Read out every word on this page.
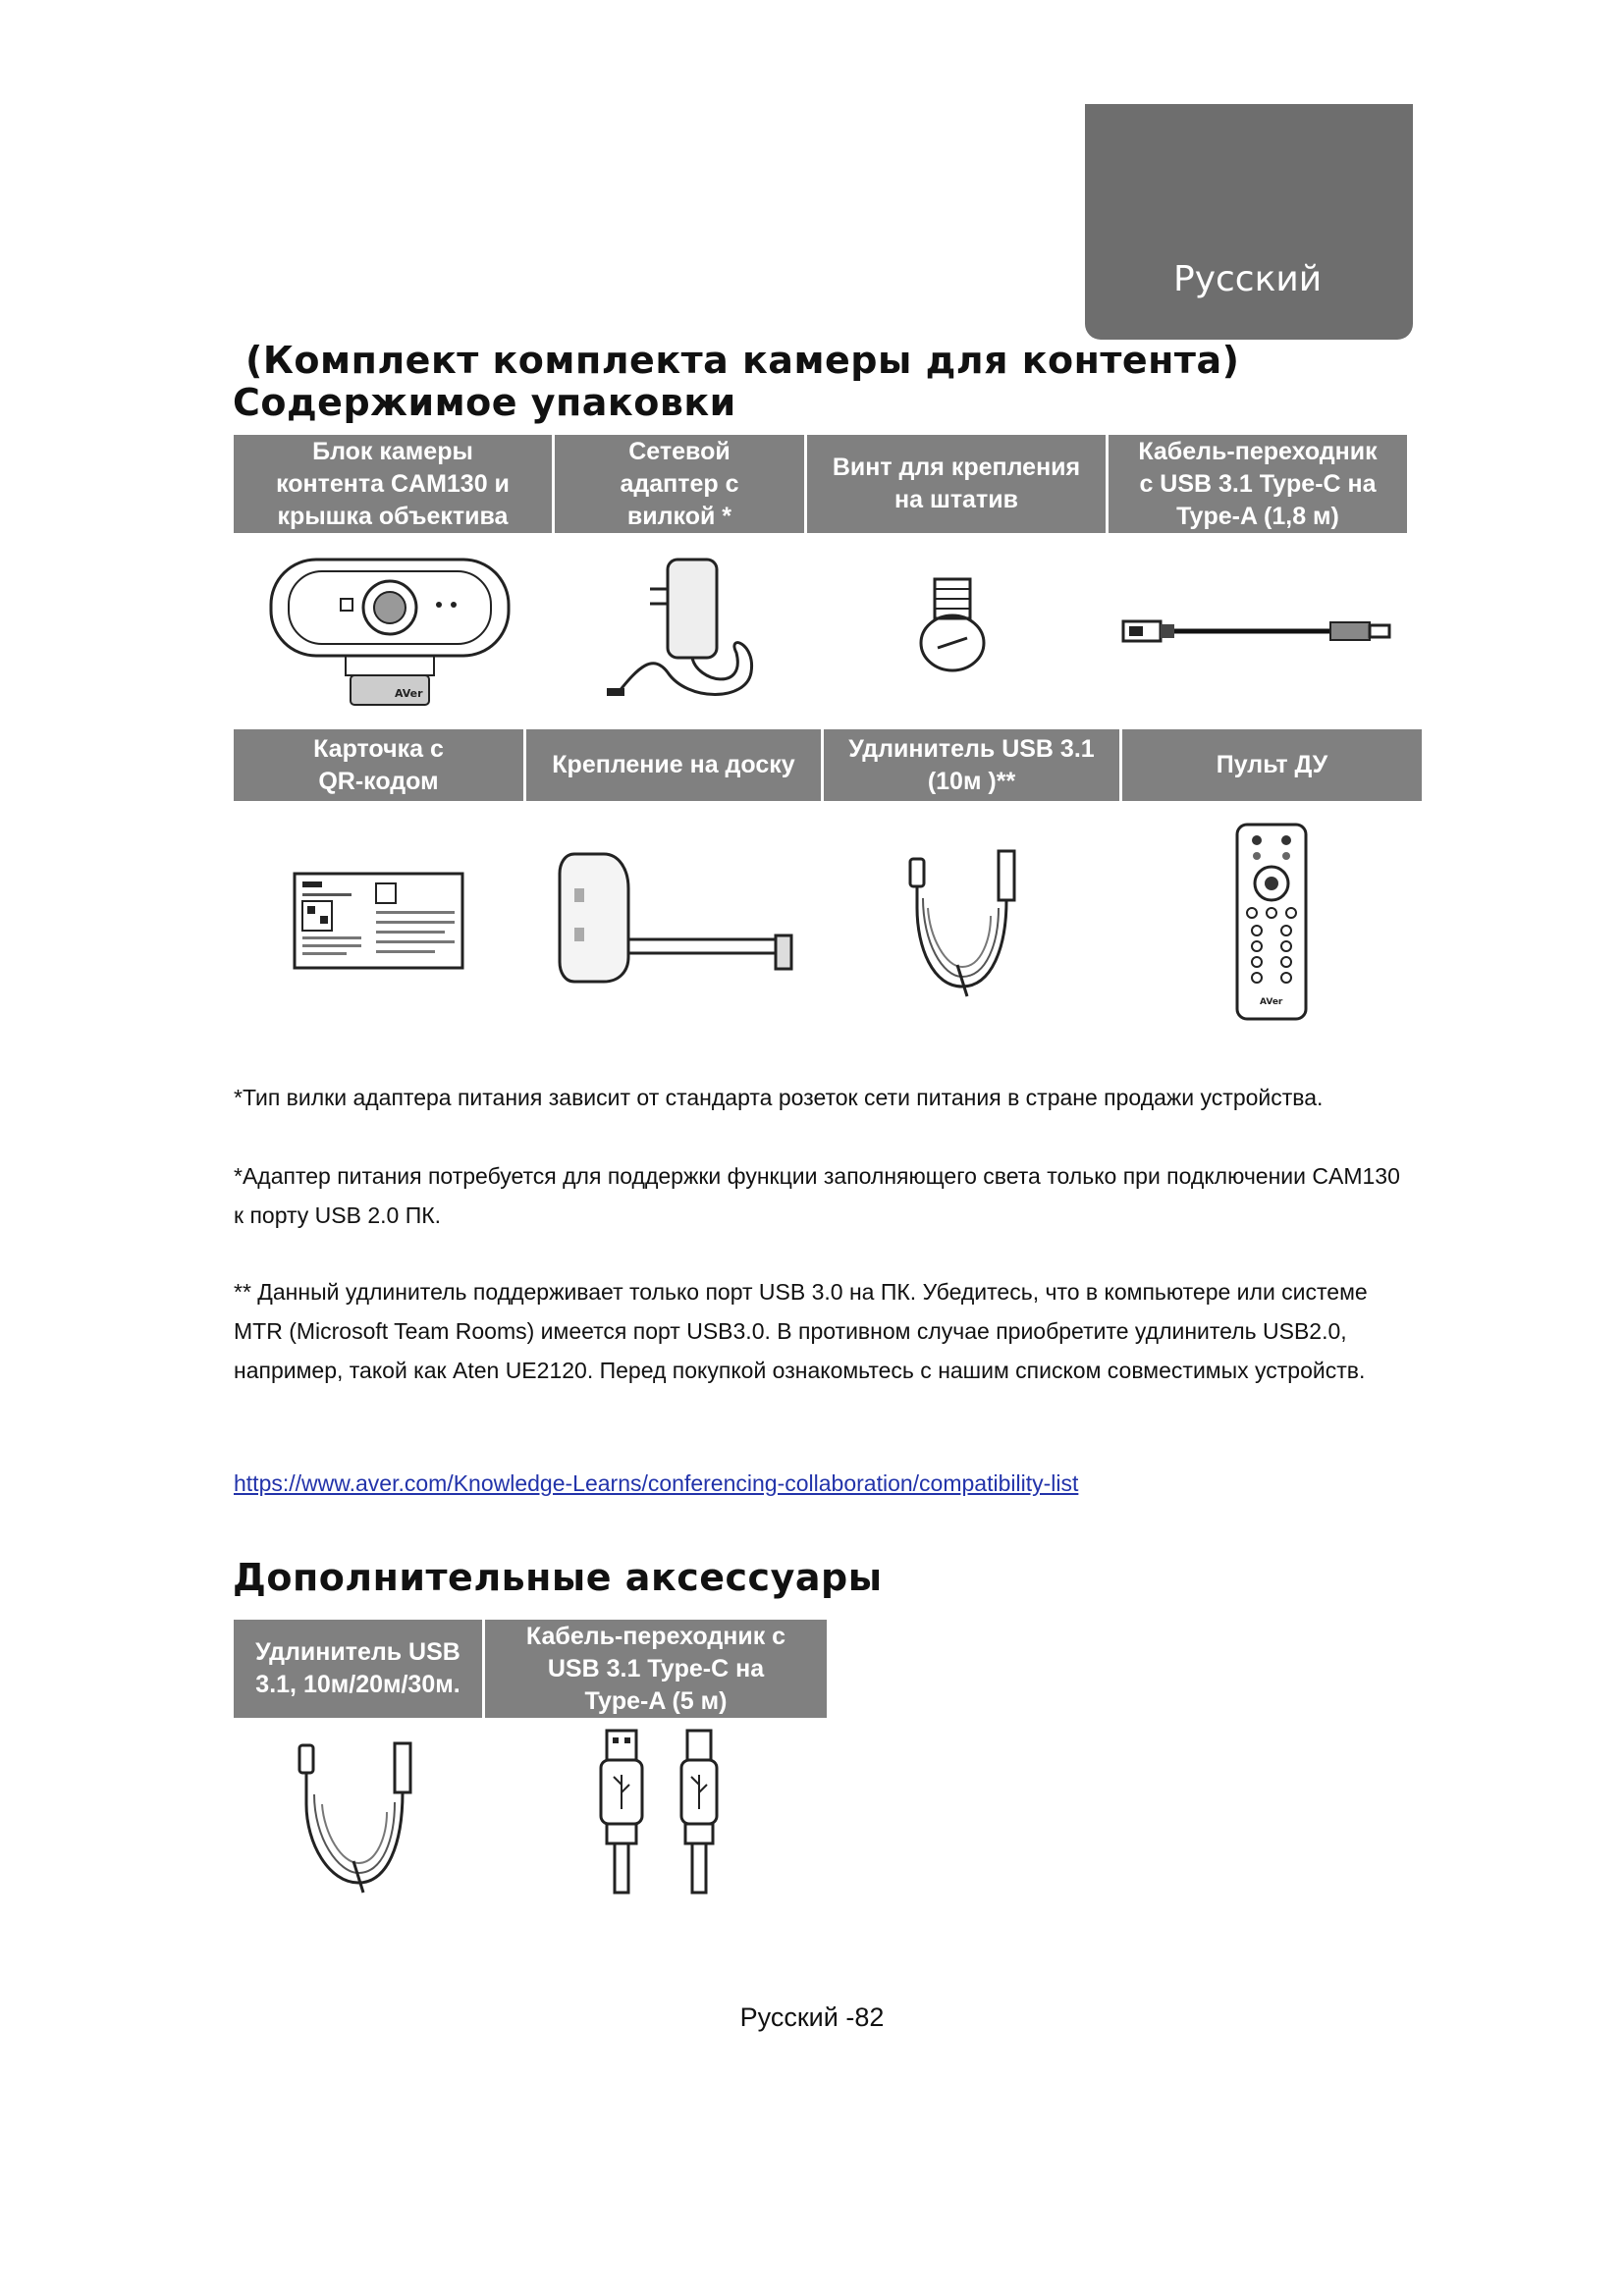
Русский
(Комплект комплекта камеры для контента)
Содержимое упаковки
Блок камеры
контента CAM130 и
крышка объектива
Сетевой
адаптер с
вилкой *
Винт для крепления
на штатив
Кабель-переходник
с USB 3.1 Type-C на
Type-A (1,8 м)
AVer
Карточка с
QR-кодом
Крепление на доску
Удлинитель USB 3.1
(10м )**
Пульт ДУ
AVer

*Тип вилки адаптера питания зависит от стандарта розеток сети питания в стране продажи устройства.

*Адаптер питания потребуется для поддержки функции заполняющего света только при подключении CAM130 к порту USB 2.0 ПК.

** Данный удлинитель поддерживает только порт USB 3.0 на ПК. Убедитесь, что в компьютере или системе MTR (Microsoft Team Rooms) имеется порт USB3.0. В противном случае приобретите удлинитель USB2.0, например, такой как Aten UE2120. Перед покупкой ознакомьтесь с нашим списком совместимых устройств.

https://www.aver.com/Knowledge-Learns/conferencing-collaboration/compatibility-list
Дополнительные аксессуары
Удлинитель USB
3.1, 10м/20м/30м.
Кабель-переходник с
USB 3.1 Type-C на
Type-A (5 м)
Русский -82
